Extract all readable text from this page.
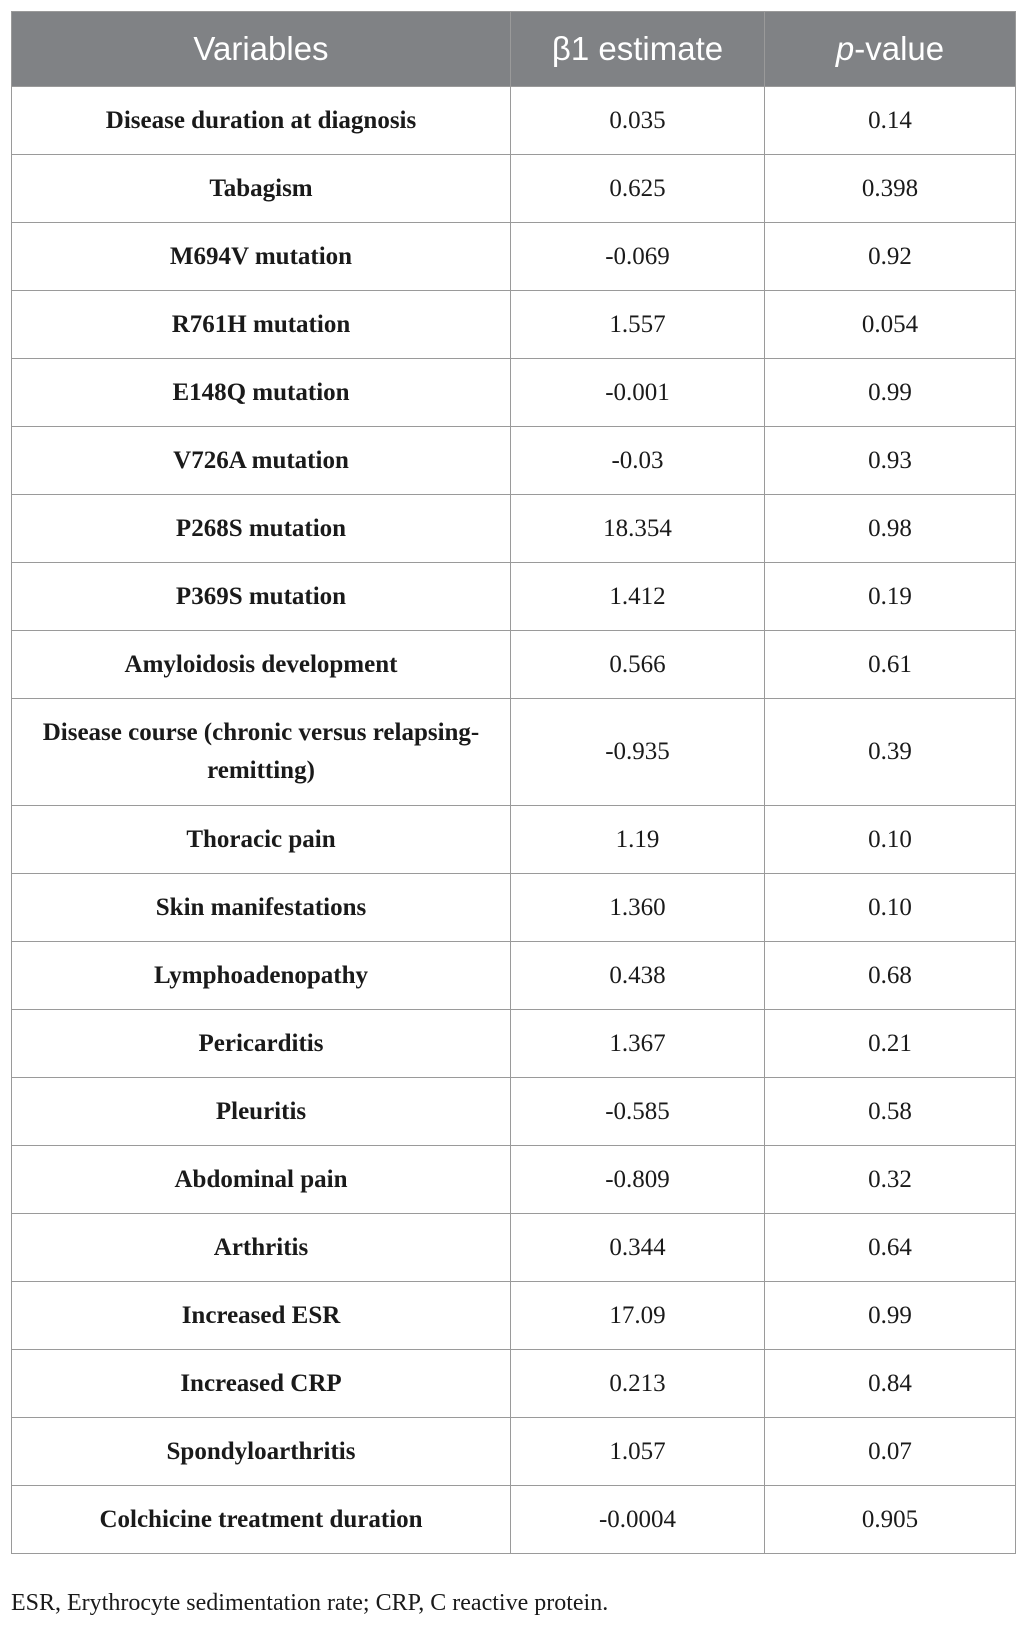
Variables	β1 estimate	p-value
Disease duration at diagnosis	0.035	0.14
Tabagism	0.625	0.398
M694V mutation	-0.069	0.92
R761H mutation	1.557	0.054
E148Q mutation	-0.001	0.99
V726A mutation	-0.03	0.93
P268S mutation	18.354	0.98
P369S mutation	1.412	0.19
Amyloidosis development	0.566	0.61
Disease course (chronic versus relapsing-remitting)	-0.935	0.39
Thoracic pain	1.19	0.10
Skin manifestations	1.360	0.10
Lymphoadenopathy	0.438	0.68
Pericarditis	1.367	0.21
Pleuritis	-0.585	0.58
Abdominal pain	-0.809	0.32
Arthritis	0.344	0.64
Increased ESR	17.09	0.99
Increased CRP	0.213	0.84
Spondyloarthritis	1.057	0.07
Colchicine treatment duration	-0.0004	0.905
ESR, Erythrocyte sedimentation rate; CRP, C reactive protein.
